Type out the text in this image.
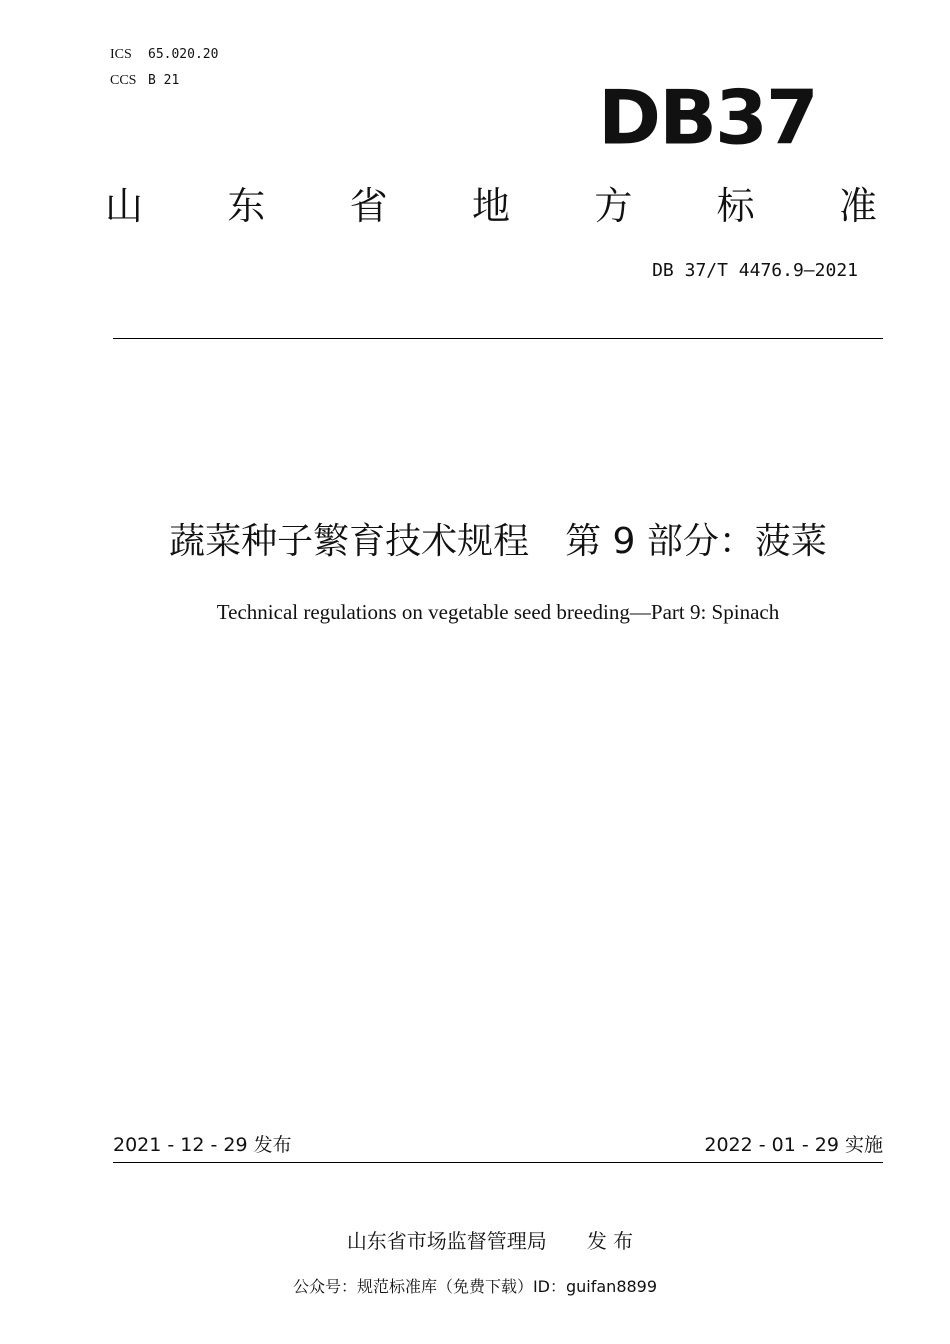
ICS 65.020.20
CCS B 21	DB37
山 东 省 地 方 标 准
DB 37/T 4476.9—2021
蔬菜种子繁育技术规程　第 9 部分：菠菜
Technical regulations on vegetable seed breeding—Part 9: Spinach
2021 - 12 - 29 发布	2022 - 01 - 29 实施
山东省市场监督管理局 发 布
公众号：规范标准库（免费下载）ID：guifan8899
